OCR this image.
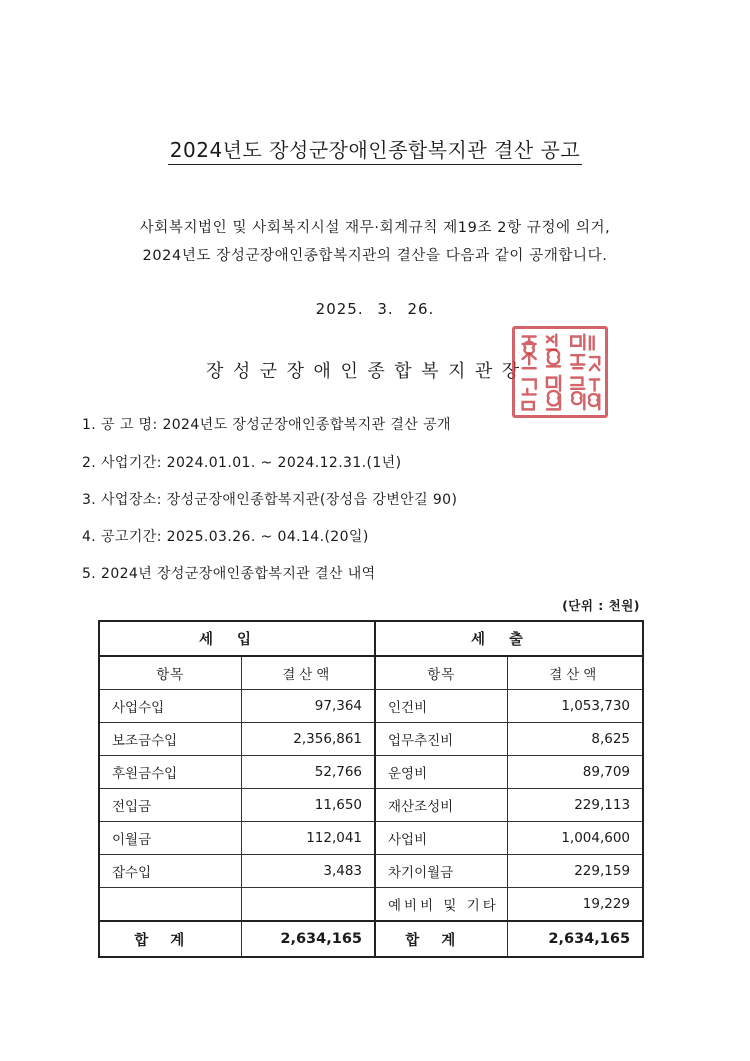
2024년도 장성군장애인종합복지관 결산 공고
사회복지법인 및 사회복지시설 재무·회계규칙 제19조 2항 규정에 의거,
2024년도 장성군장애인종합복지관의 결산을 다음과 같이 공개합니다.
2025. 3. 26.
장성군장애인종합복지관장
1. 공 고 명: 2024년도 장성군장애인종합복지관 결산 공개
2. 사업기간: 2024.01.01. ~ 2024.12.31.(1년)
3. 사업장소: 장성군장애인종합복지관(장성읍 강변안길 90)
4. 공고기간: 2025.03.26. ~ 04.14.(20일)
5. 2024년 장성군장애인종합복지관 결산 내역
(단위 : 천원)
세입		세출	
항목	결산액	항목	결산액
사업수입	97,364	인건비	1,053,730
보조금수입	2,356,861	업무추진비	8,625
후원금수입	52,766	운영비	89,709
전입금	11,650	재산조성비	229,113
이월금	112,041	사업비	1,004,600
잡수입	3,483	차기이월금	229,159
		예비비 및 기타	19,229
합계	2,634,165	합계	2,634,165
